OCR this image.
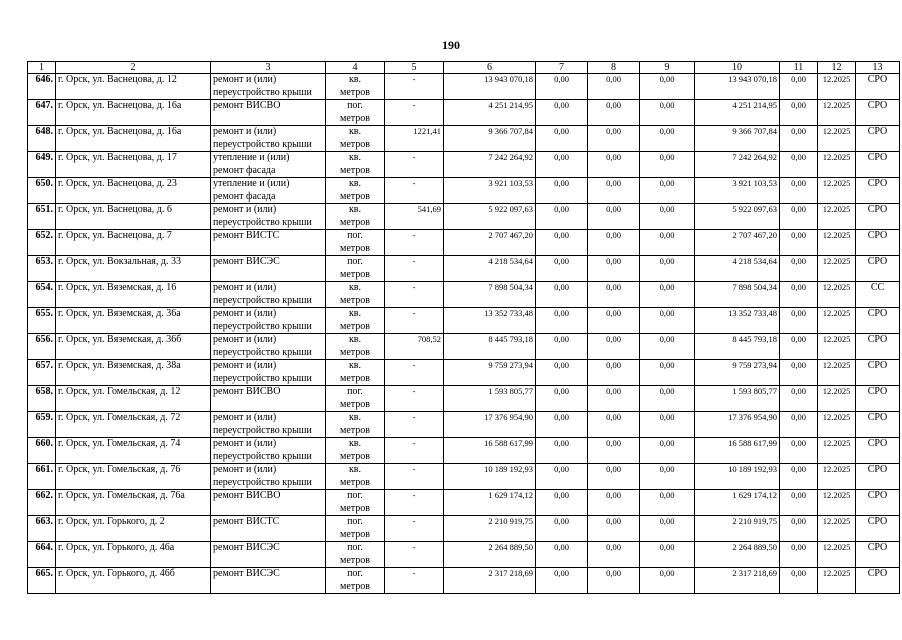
190
1	2	3	4	5	6	7	8	9	10	11	12	13
646.	г. Орск, ул. Васнецова, д. 12	ремонт и (или)
переустройство крыши	кв.
метров	-	13 943 070,18	0,00	0,00	0,00	13 943 070,18	0,00	12.2025	СРО
647.	г. Орск, ул. Васнецова, д. 16а	ремонт ВИСВО	пог.
метров	-	4 251 214,95	0,00	0,00	0,00	4 251 214,95	0,00	12.2025	СРО
648.	г. Орск, ул. Васнецова, д. 16а	ремонт и (или)
переустройство крыши	кв.
метров	1221,41	9 366 707,84	0,00	0,00	0,00	9 366 707,84	0,00	12.2025	СРО
649.	г. Орск, ул. Васнецова, д. 17	утепление и (или)
ремонт фасада	кв.
метров	-	7 242 264,92	0,00	0,00	0,00	7 242 264,92	0,00	12.2025	СРО
650.	г. Орск, ул. Васнецова, д. 23	утепление и (или)
ремонт фасада	кв.
метров	-	3 921 103,53	0,00	0,00	0,00	3 921 103,53	0,00	12.2025	СРО
651.	г. Орск, ул. Васнецова, д. 6	ремонт и (или)
переустройство крыши	кв.
метров	541,69	5 922 097,63	0,00	0,00	0,00	5 922 097,63	0,00	12.2025	СРО
652.	г. Орск, ул. Васнецова, д. 7	ремонт ВИСТС	пог.
метров	-	2 707 467,20	0,00	0,00	0,00	2 707 467,20	0,00	12.2025	СРО
653.	г. Орск, ул. Вокзальная, д. 33	ремонт ВИСЭС	пог.
метров	-	4 218 534,64	0,00	0,00	0,00	4 218 534,64	0,00	12.2025	СРО
654.	г. Орск, ул. Вяземская, д. 16	ремонт и (или)
переустройство крыши	кв.
метров	-	7 898 504,34	0,00	0,00	0,00	7 898 504,34	0,00	12.2025	СС
655.	г. Орск, ул. Вяземская, д. 36а	ремонт и (или)
переустройство крыши	кв.
метров	-	13 352 733,48	0,00	0,00	0,00	13 352 733,48	0,00	12.2025	СРО
656.	г. Орск, ул. Вяземская, д. 36б	ремонт и (или)
переустройство крыши	кв.
метров	708,52	8 445 793,18	0,00	0,00	0,00	8 445 793,18	0,00	12.2025	СРО
657.	г. Орск, ул. Вяземская, д. 38а	ремонт и (или)
переустройство крыши	кв.
метров	-	9 759 273,94	0,00	0,00	0,00	9 759 273,94	0,00	12.2025	СРО
658.	г. Орск, ул. Гомельская, д. 12	ремонт ВИСВО	пог.
метров	-	1 593 805,77	0,00	0,00	0,00	1 593 805,77	0,00	12.2025	СРО
659.	г. Орск, ул. Гомельская, д. 72	ремонт и (или)
переустройство крыши	кв.
метров	-	17 376 954,90	0,00	0,00	0,00	17 376 954,90	0,00	12.2025	СРО
660.	г. Орск, ул. Гомельская, д. 74	ремонт и (или)
переустройство крыши	кв.
метров	-	16 588 617,99	0,00	0,00	0,00	16 588 617,99	0,00	12.2025	СРО
661.	г. Орск, ул. Гомельская, д. 76	ремонт и (или)
переустройство крыши	кв.
метров	-	10 189 192,93	0,00	0,00	0,00	10 189 192,93	0,00	12.2025	СРО
662.	г. Орск, ул. Гомельская, д. 76а	ремонт ВИСВО	пог.
метров	-	1 629 174,12	0,00	0,00	0,00	1 629 174,12	0,00	12.2025	СРО
663.	г. Орск, ул. Горького, д. 2	ремонт ВИСТС	пог.
метров	-	2 210 919,75	0,00	0,00	0,00	2 210 919,75	0,00	12.2025	СРО
664.	г. Орск, ул. Горького, д. 46а	ремонт ВИСЭС	пог.
метров	-	2 264 889,50	0,00	0,00	0,00	2 264 889,50	0,00	12.2025	СРО
665.	г. Орск, ул. Горького, д. 46б	ремонт ВИСЭС	пог.
метров	-	2 317 218,69	0,00	0,00	0,00	2 317 218,69	0,00	12.2025	СРО
